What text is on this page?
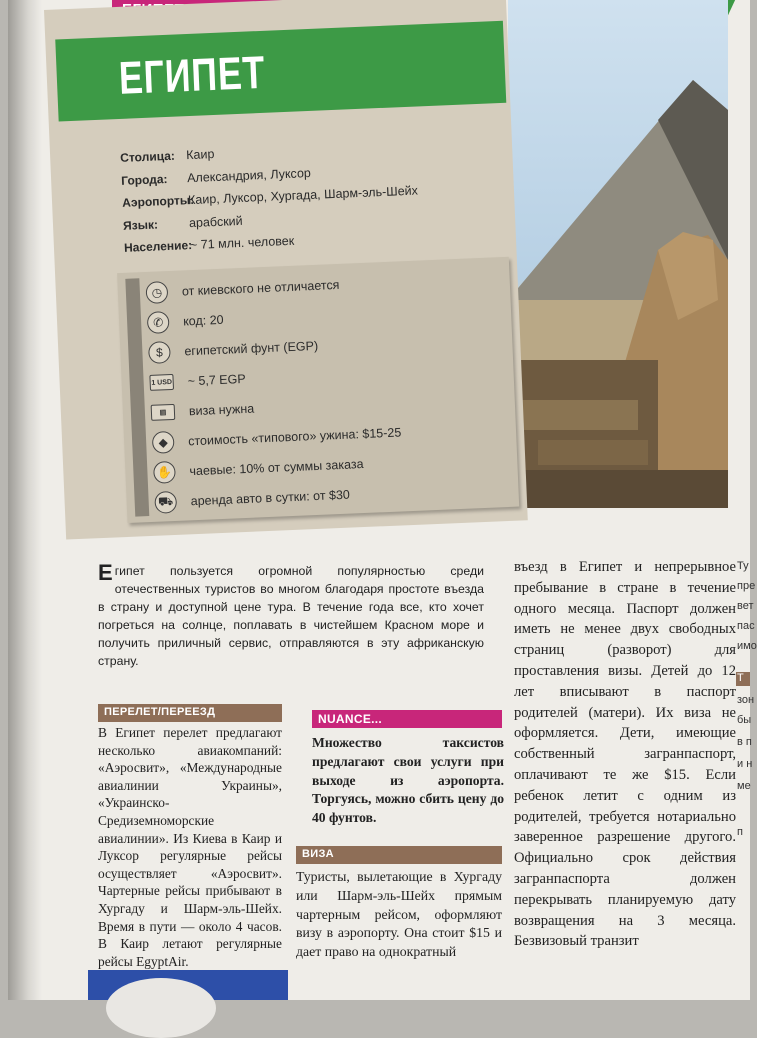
ЕГИПЕТ
Столица: Каир
Города:	Александрия, Луксор
Аэропорты:
Каир, Луксор, Хургада, Шарм-эль-Шейх
Язык:	арабский
Население:
~ 71 млн. человек
◷	от киевского не отличается
✆	код: 20
$	египетский фунт (EGP)
1 USD ~ 5,7 EGP
▤	виза нужна
◆	стоимость «типового» ужина: $15-25
✋ чаевые: 10% от суммы заказа
⛟ аренда авто в сутки: от $30
Египет пользуется огромной популярностью среди отечественных туристов во многом благодаря простоте въезда в страну и доступной цене тура. В течение года все, кто хочет погреться на солнце, поплавать в чистейшем Красном море и получить приличный сервис, отправляются в эту африканскую страну.
ПЕРЕЛЕТ/ПЕРЕЕЗД
В Египет перелет предлагают несколько авиакомпаний: «Аэросвит», «Международные авиалинии Украины», «Украинско-Средиземноморские авиалинии». Из Киева в Каир и Луксор регулярные рейсы осуществляет «Аэросвит». Чартерные рейсы прибывают в Хургаду и Шарм-эль-Шейх. Время в пути — около 4 часов. В Каир летают регулярные рейсы EgyptAir.
NUANCE...
Множество таксистов предлагают свои услуги при выходе из аэропорта. Торгуясь, можно сбить цену до 40 фунтов.
ВИЗА
Туристы, вылетающие в Хургаду или Шарм-эль-Шейх прямым чартерным рейсом, оформляют визу в аэропорту. Она стоит $15 и дает право на однократный
въезд в Египет и непрерывное пребывание в стране в течение одного месяца. Паспорт должен иметь не менее двух свободных страниц (разворот) для проставления визы. Детей до 12 лет вписывают в паспорт родителей (матери). Их виза не оформляется. Дети, имеющие собственный загранпаспорт, оплачивают те же $15. Если ребенок летит с одним из родителей, требуется нотариально заверенное разрешение другого. Официально срок действия загранпаспорта должен перекрывать планируемую дату возвращения на 3 месяца. Безвизовый транзит
Ту
пре
вет
пас
имо
Т
зон
бы
в п
и н
ме
п
